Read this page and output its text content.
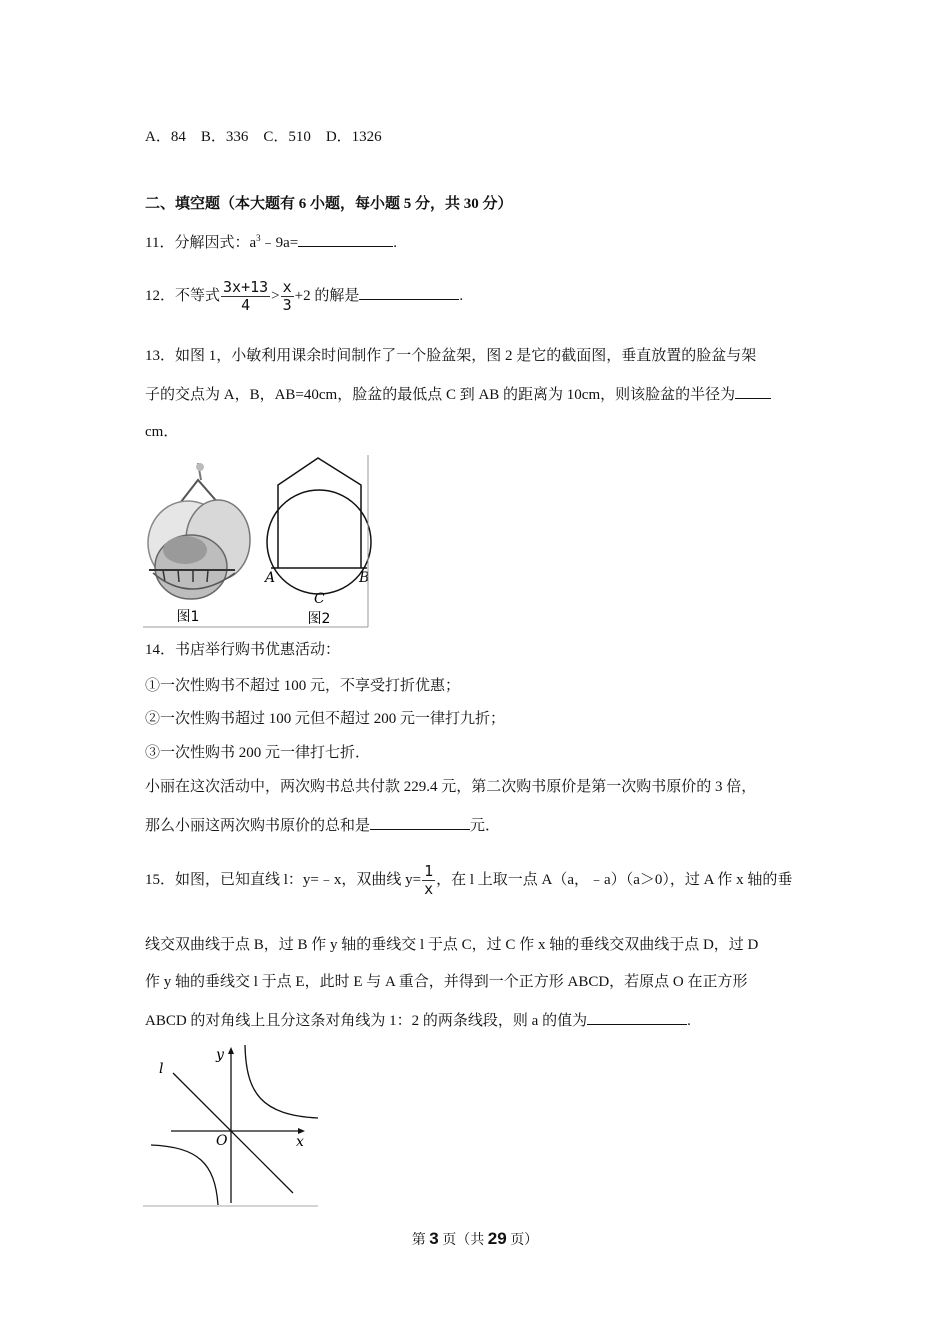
A．84　B．336　C．510　D．1326
二、填空题（本大题有 6 小题，每小题 5 分，共 30 分）
11．分解因式：$a^3﹣9a=$	.
12．不等式 $\frac{3x+13}{4} > \frac{x}{3} +2$ 的解是	.
13．如图 1，小敏利用课余时间制作了一个脸盆架，图 2 是它的截面图，垂直放置的脸盆与架
子的交点为 A，B，AB=40cm，脸盆的最低点 C 到 AB 的距离为 10cm，则该脸盆的半径为
cm．
图1
A	B
C
图2
14．书店举行购书优惠活动：
①一次性购书不超过 100 元，不享受打折优惠；
②一次性购书超过 100 元但不超过 200 元一律打九折；
③一次性购书 200 元一律打七折．
小丽在这次活动中，两次购书总共付款 229.4 元，第二次购书原价是第一次购书原价的 3 倍，
那么小丽这两次购书原价的总和是	元．
15．如图，已知直线 l：y=﹣x，双曲线 $y= \frac{1}{x}$ ，在 l 上取一点 A（a，﹣a）（a＞0），过 A 作 x 轴的垂
线交双曲线于点 B，过 B 作 y 轴的垂线交 l 于点 C，过 C 作 x 轴的垂线交双曲线于点 D，过 D
作 y 轴的垂线交 l 于点 E，此时 E 与 A 重合，并得到一个正方形 ABCD，若原点 O 在正方形
ABCD 的对角线上且分这条对角线为 1：2 的两条线段，则 a 的值为	.
l
y
x
O
第 3 页（共 29 页）
